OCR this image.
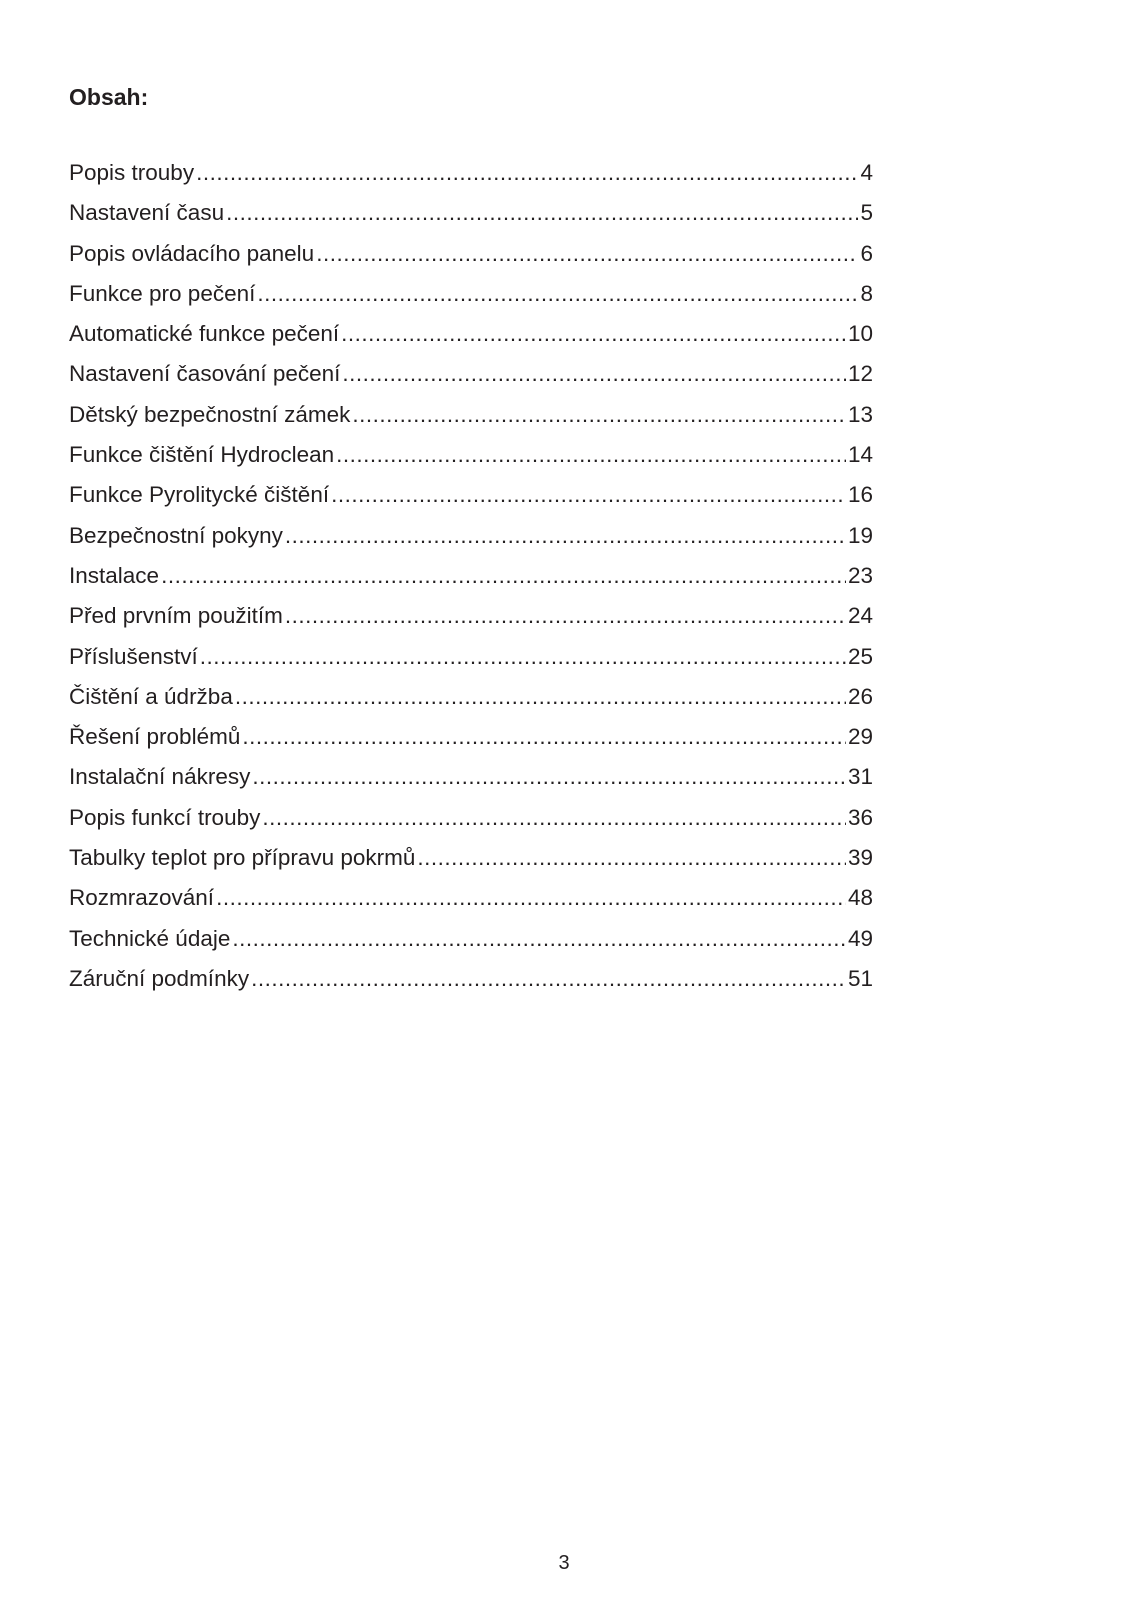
Obsah:
Popis trouby .....	4
Nastavení času .....	5
Popis ovládacího panelu .....	6
Funkce pro pečení .....	8
Automatické funkce pečení .....	10
Nastavení časování pečení .....	12
Dětský bezpečnostní zámek .....	13
Funkce čištění Hydroclean .....	14
Funkce Pyrolitycké čištění .....	16
Bezpečnostní pokyny .....	19
Instalace .....	23
Před prvním použitím .....	24
Příslušenství .....	25
Čištění a údržba .....	26
Řešení problémů .....	29
Instalační nákresy .....	31
Popis funkcí trouby .....	36
Tabulky teplot pro přípravu pokrmů .....	39
Rozmrazování .....	48
Technické údaje .....	49
Záruční podmínky .....	51
3
